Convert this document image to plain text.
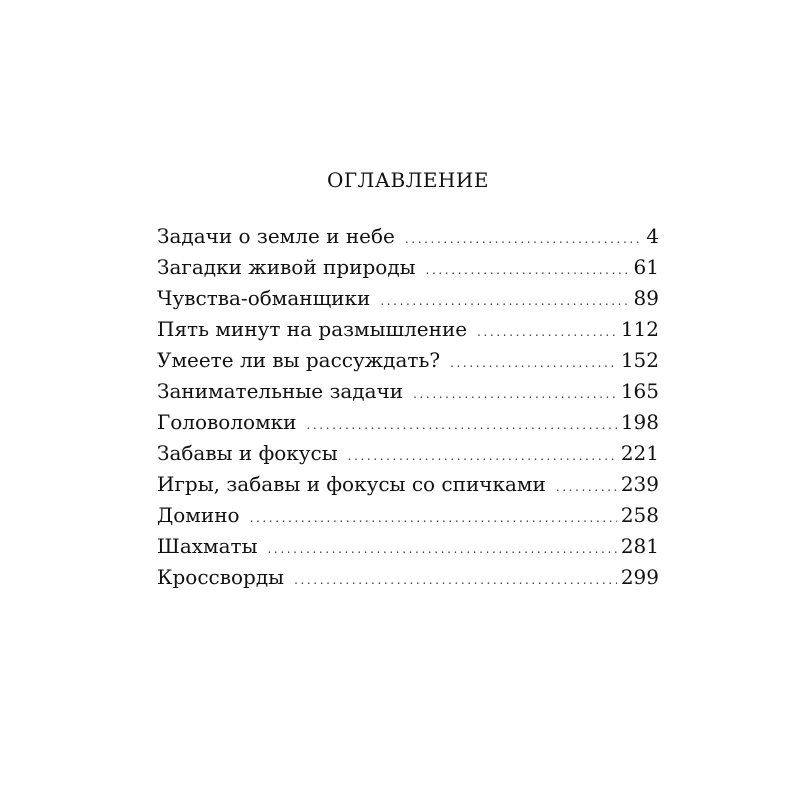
ОГЛАВЛЕНИЕ
Задачи о земле и небе .....	4
Загадки живой природы .....	61
Чувства-обманщики .....	89
Пять минут на размышление .....	112
Умеете ли вы рассуждать? .....	152
Занимательные задачи .....	165
Головоломки .....	198
Забавы и фокусы .....	221
Игры, забавы и фокусы со спичками .....	239
Домино .....	258
Шахматы .....	281
Кроссворды .....	299
